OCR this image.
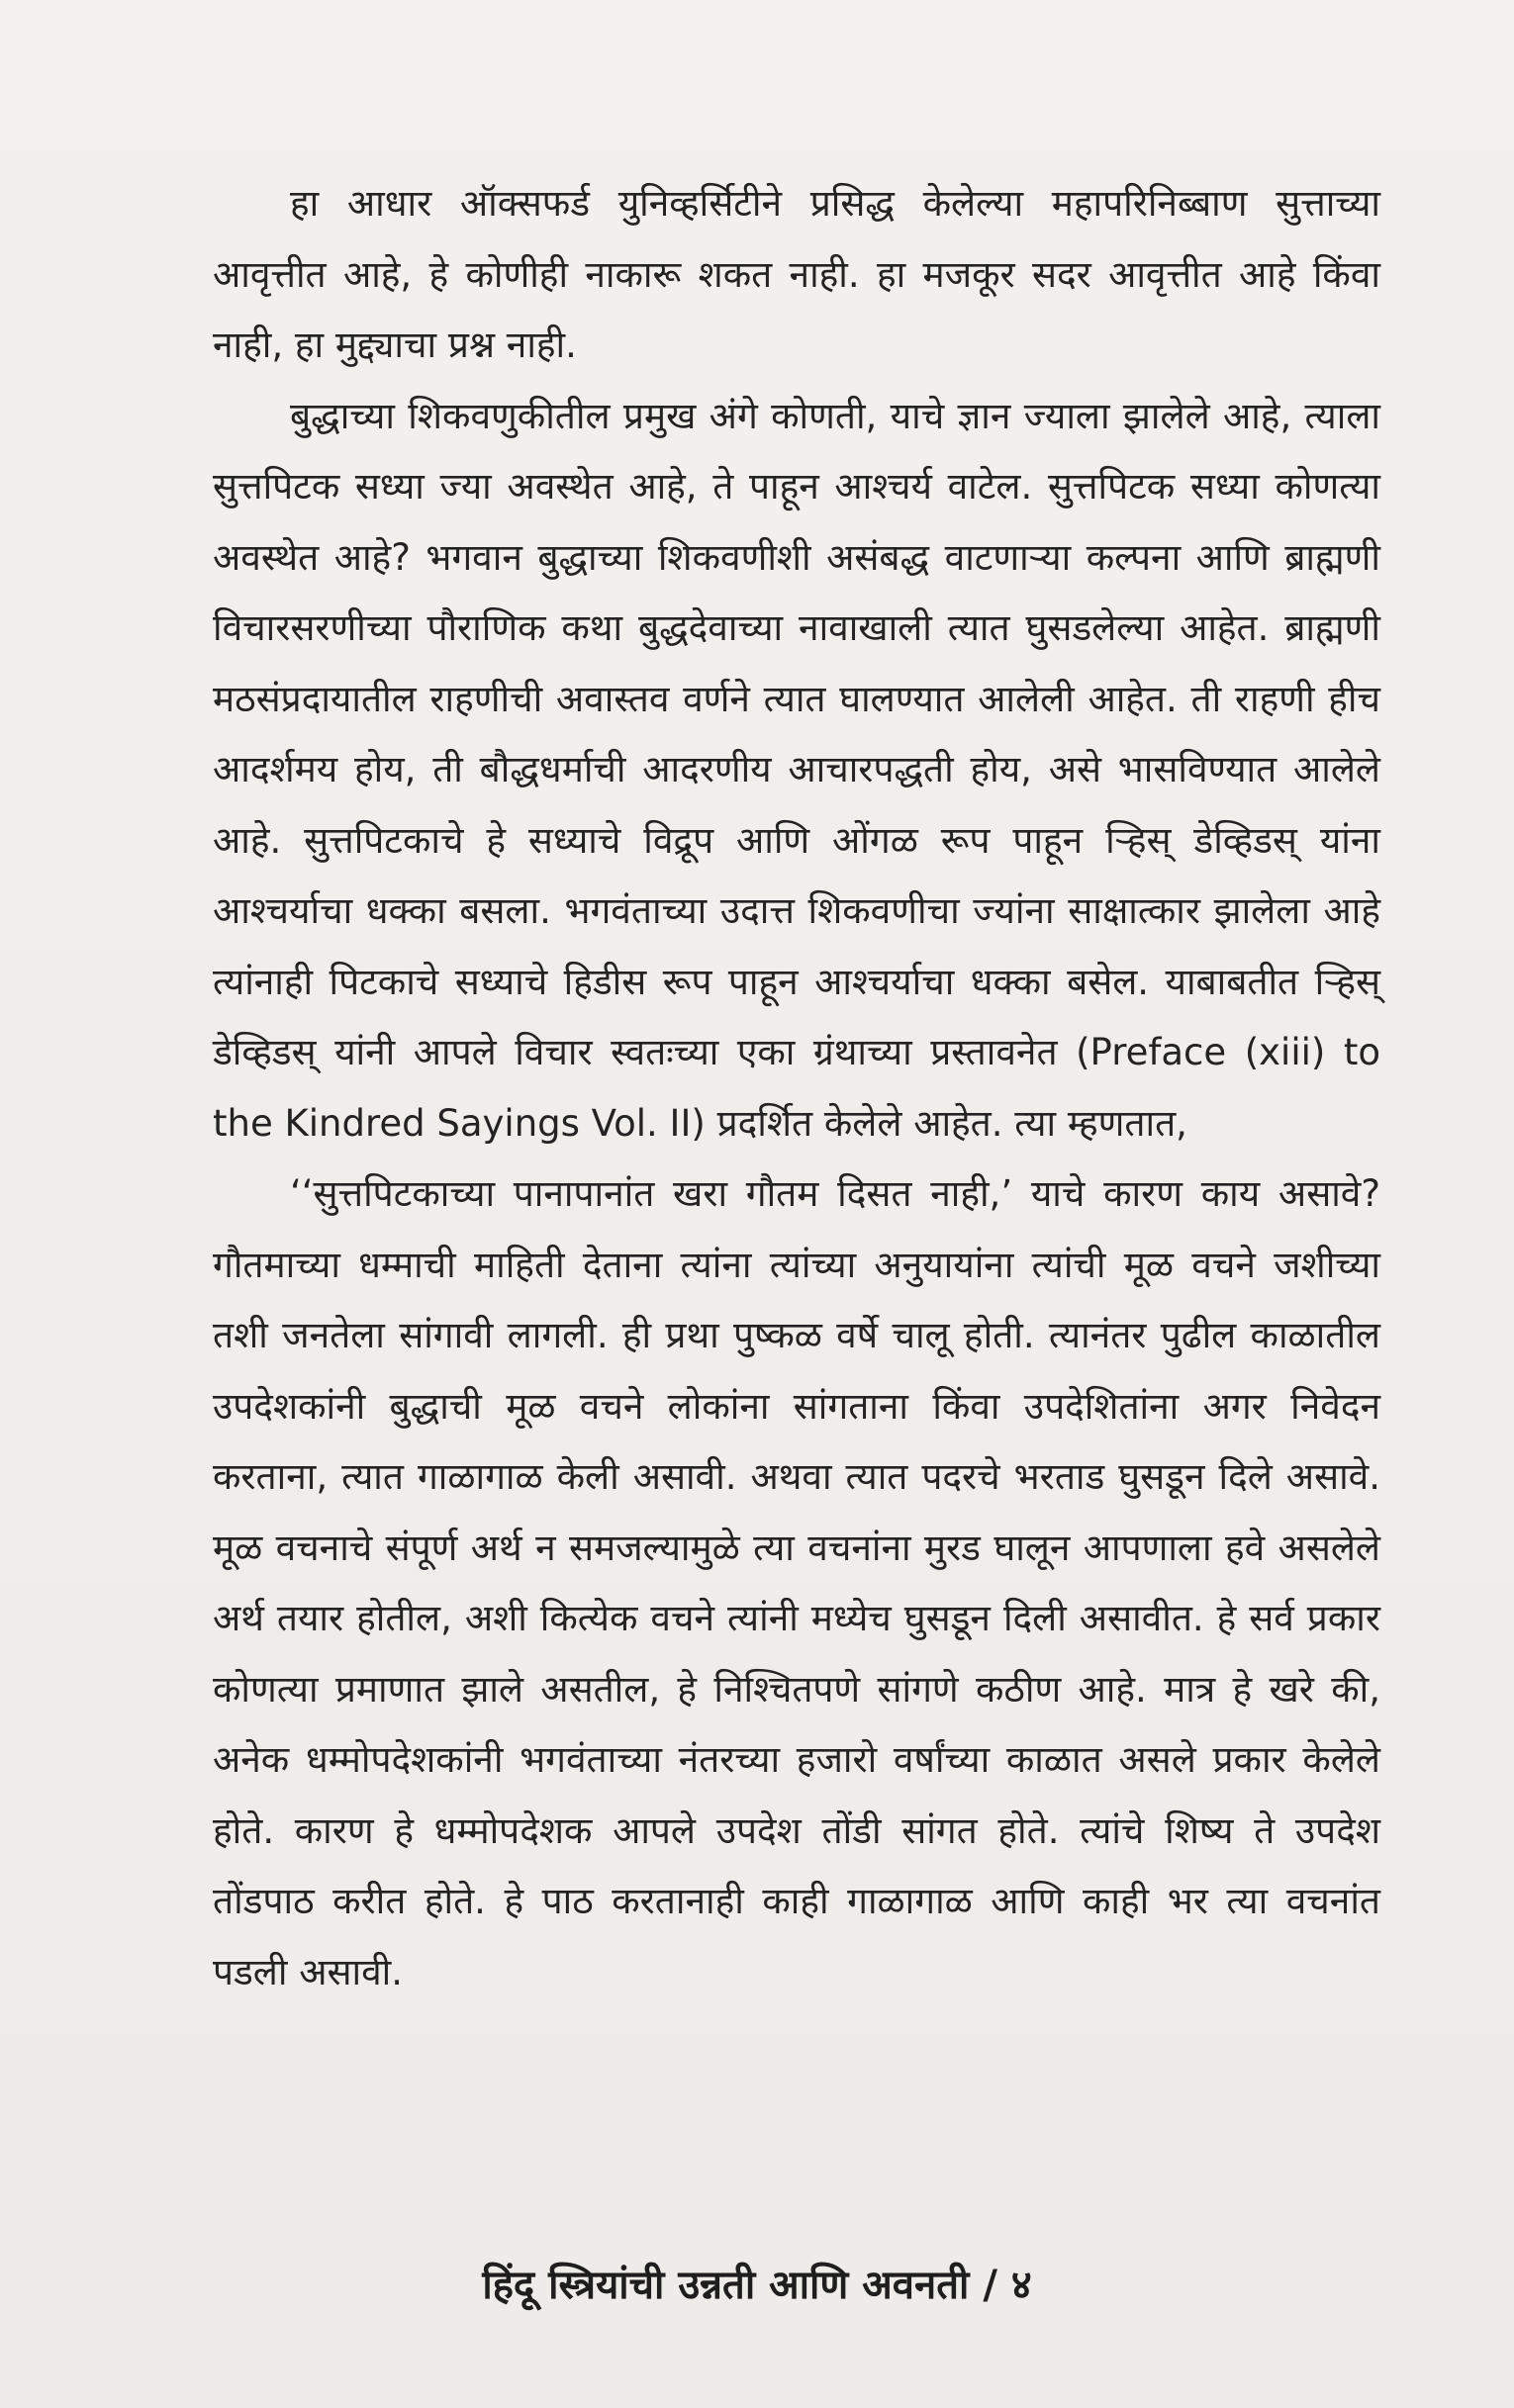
हा आधार ऑक्सफर्ड युनिव्हर्सिटीने प्रसिद्ध केलेल्या महापरिनिब्बाण सुत्ताच्या आवृत्तीत आहे, हे कोणीही नाकारू शकत नाही. हा मजकूर सदर आवृत्तीत आहे किंवा नाही, हा मुद्द्याचा प्रश्न नाही.

बुद्धाच्या शिकवणुकीतील प्रमुख अंगे कोणती, याचे ज्ञान ज्याला झालेले आहे, त्याला सुत्तपिटक सध्या ज्या अवस्थेत आहे, ते पाहून आश्चर्य वाटेल. सुत्तपिटक सध्या कोणत्या अवस्थेत आहे? भगवान बुद्धाच्या शिकवणीशी असंबद्ध वाटणाऱ्या कल्पना आणि ब्राह्मणी विचारसरणीच्या पौराणिक कथा बुद्धदेवाच्या नावाखाली त्यात घुसडलेल्या आहेत. ब्राह्मणी मठसंप्रदायातील राहणीची अवास्तव वर्णने त्यात घालण्यात आलेली आहेत. ती राहणी हीच आदर्शमय होय, ती बौद्धधर्माची आदरणीय आचारपद्धती होय, असे भासविण्यात आलेले आहे. सुत्तपिटकाचे हे सध्याचे विद्रूप आणि ओंगळ रूप पाहून ऱ्हिस् डेव्हिडस् यांना आश्चर्याचा धक्का बसला. भगवंताच्या उदात्त शिकवणीचा ज्यांना साक्षात्कार झालेला आहे त्यांनाही पिटकाचे सध्याचे हिडीस रूप पाहून आश्चर्याचा धक्का बसेल. याबाबतीत ऱ्हिस् डेव्हिडस् यांनी आपले विचार स्वतःच्या एका ग्रंथाच्या प्रस्तावनेत (Preface (xiii) to the Kindred Sayings Vol. II) प्रदर्शित केलेले आहेत. त्या म्हणतात,

‘‘सुत्तपिटकाच्या पानापानांत खरा गौतम दिसत नाही,’ याचे कारण काय असावे? गौतमाच्या धम्माची माहिती देताना त्यांना त्यांच्या अनुयायांना त्यांची मूळ वचने जशीच्या तशी जनतेला सांगावी लागली. ही प्रथा पुष्कळ वर्षे चालू होती. त्यानंतर पुढील काळातील उपदेशकांनी बुद्धाची मूळ वचने लोकांना सांगताना किंवा उपदेशितांना अगर निवेदन करताना, त्यात गाळागाळ केली असावी. अथवा त्यात पदरचे भरताड घुसडून दिले असावे. मूळ वचनाचे संपूर्ण अर्थ न समजल्यामुळे त्या वचनांना मुरड घालून आपणाला हवे असलेले अर्थ तयार होतील, अशी कित्येक वचने त्यांनी मध्येच घुसडून दिली असावीत. हे सर्व प्रकार कोणत्या प्रमाणात झाले असतील, हे निश्चितपणे सांगणे कठीण आहे. मात्र हे खरे की, अनेक धम्मोपदेशकांनी भगवंताच्या नंतरच्या हजारो वर्षांच्या काळात असले प्रकार केलेले होते. कारण हे धम्मोपदेशक आपले उपदेश तोंडी सांगत होते. त्यांचे शिष्य ते उपदेश तोंडपाठ करीत होते. हे पाठ करतानाही काही गाळागाळ आणि काही भर त्या वचनांत पडली असावी.

हिंदू स्त्रियांची उन्नती आणि अवनती / ४
